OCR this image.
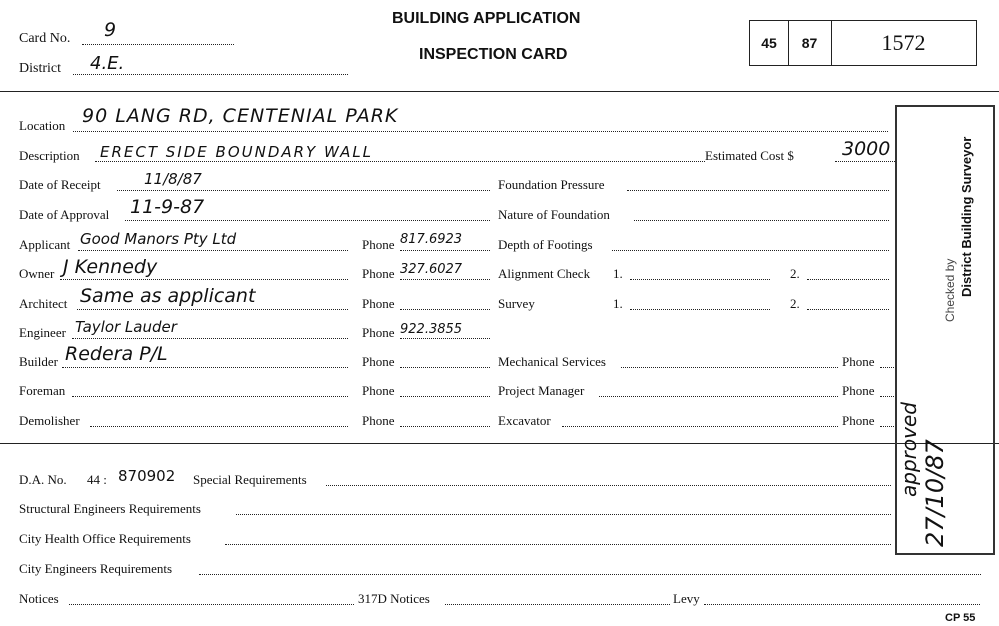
Card No. 9
District 4.E.
BUILDING APPLICATION
INSPECTION CARD
45	87	1572
Location 90 LANG RD, CENTENIAL PARK
Description ERECT SIDE BOUNDARY WALL
Date of Receipt	11/8/87
Date of Approval 11-9-87
Applicant Good Manors Pty Ltd	Phone 817.6923
Owner J Kennedy	Phone 327.6027
Architect Same as applicant	Phone
Engineer Taylor Lauder	Phone 922.3855
Builder Redera P/L	Phone
Foreman	Phone
Demolisher	Phone
Estimated Cost $	3000
Foundation Pressure
Nature of Foundation
Depth of Footings
Alignment Check 1.	2.
Survey	1.	2.
Mechanical Services	Phone
Project Manager	Phone
Excavator	Phone
D.A. No. 44 : 870902 Special Requirements
Structural Engineers Requirements
City Health Office Requirements
City Engineers Requirements
Notices	317D Notices	Levy
CP 55
Checked by District Building Surveyor
approved 27/10/87
